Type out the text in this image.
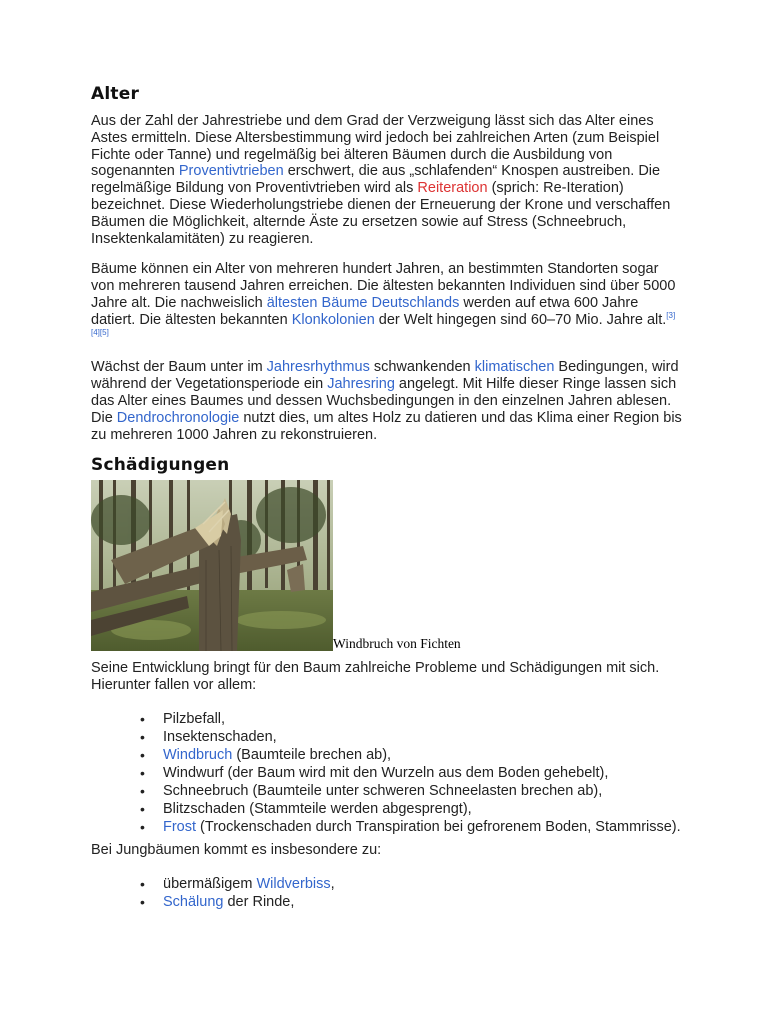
Alter

Aus der Zahl der Jahrestriebe und dem Grad der Verzweigung lässt sich das Alter eines Astes ermitteln. Diese Altersbestimmung wird jedoch bei zahlreichen Arten (zum Beispiel Fichte oder Tanne) und regelmäßig bei älteren Bäumen durch die Ausbildung von sogenannten Proventivtrieben erschwert, die aus „schlafenden“ Knospen austreiben. Die regelmäßige Bildung von Proventivtrieben wird als Reiteration (sprich: Re-Iteration) bezeichnet. Diese Wiederholungstriebe dienen der Erneuerung der Krone und verschaffen Bäumen die Möglichkeit, alternde Äste zu ersetzen sowie auf Stress (Schneebruch, Insektenkalamitäten) zu reagieren.

Bäume können ein Alter von mehreren hundert Jahren, an bestimmten Standorten sogar von mehreren tausend Jahren erreichen. Die ältesten bekannten Individuen sind über 5000 Jahre alt. Die nachweislich ältesten Bäume Deutschlands werden auf etwa 600 Jahre datiert. Die ältesten bekannten Klonkolonien der Welt hingegen sind 60–70 Mio. Jahre alt.[3][4][5]

Wächst der Baum unter im Jahresrhythmus schwankenden klimatischen Bedingungen, wird während der Vegetationsperiode ein Jahresring angelegt. Mit Hilfe dieser Ringe lassen sich das Alter eines Baumes und dessen Wuchsbedingungen in den einzelnen Jahren ablesen. Die Dendrochronologie nutzt dies, um altes Holz zu datieren und das Klima einer Region bis zu mehreren 1000 Jahren zu rekonstruieren.

Schädigungen
Windbruch von Fichten

Seine Entwicklung bringt für den Baum zahlreiche Probleme und Schädigungen mit sich. Hierunter fallen vor allem:

• Pilzbefall,
• Insektenschaden,
• Windbruch (Baumteile brechen ab),
• Windwurf (der Baum wird mit den Wurzeln aus dem Boden gehebelt),
• Schneebruch (Baumteile unter schweren Schneelasten brechen ab),
• Blitzschaden (Stammteile werden abgesprengt),
• Frost (Trockenschaden durch Transpiration bei gefrorenem Boden, Stammrisse).

Bei Jungbäumen kommt es insbesondere zu:

• übermäßigem Wildverbiss,
• Schälung der Rinde,
